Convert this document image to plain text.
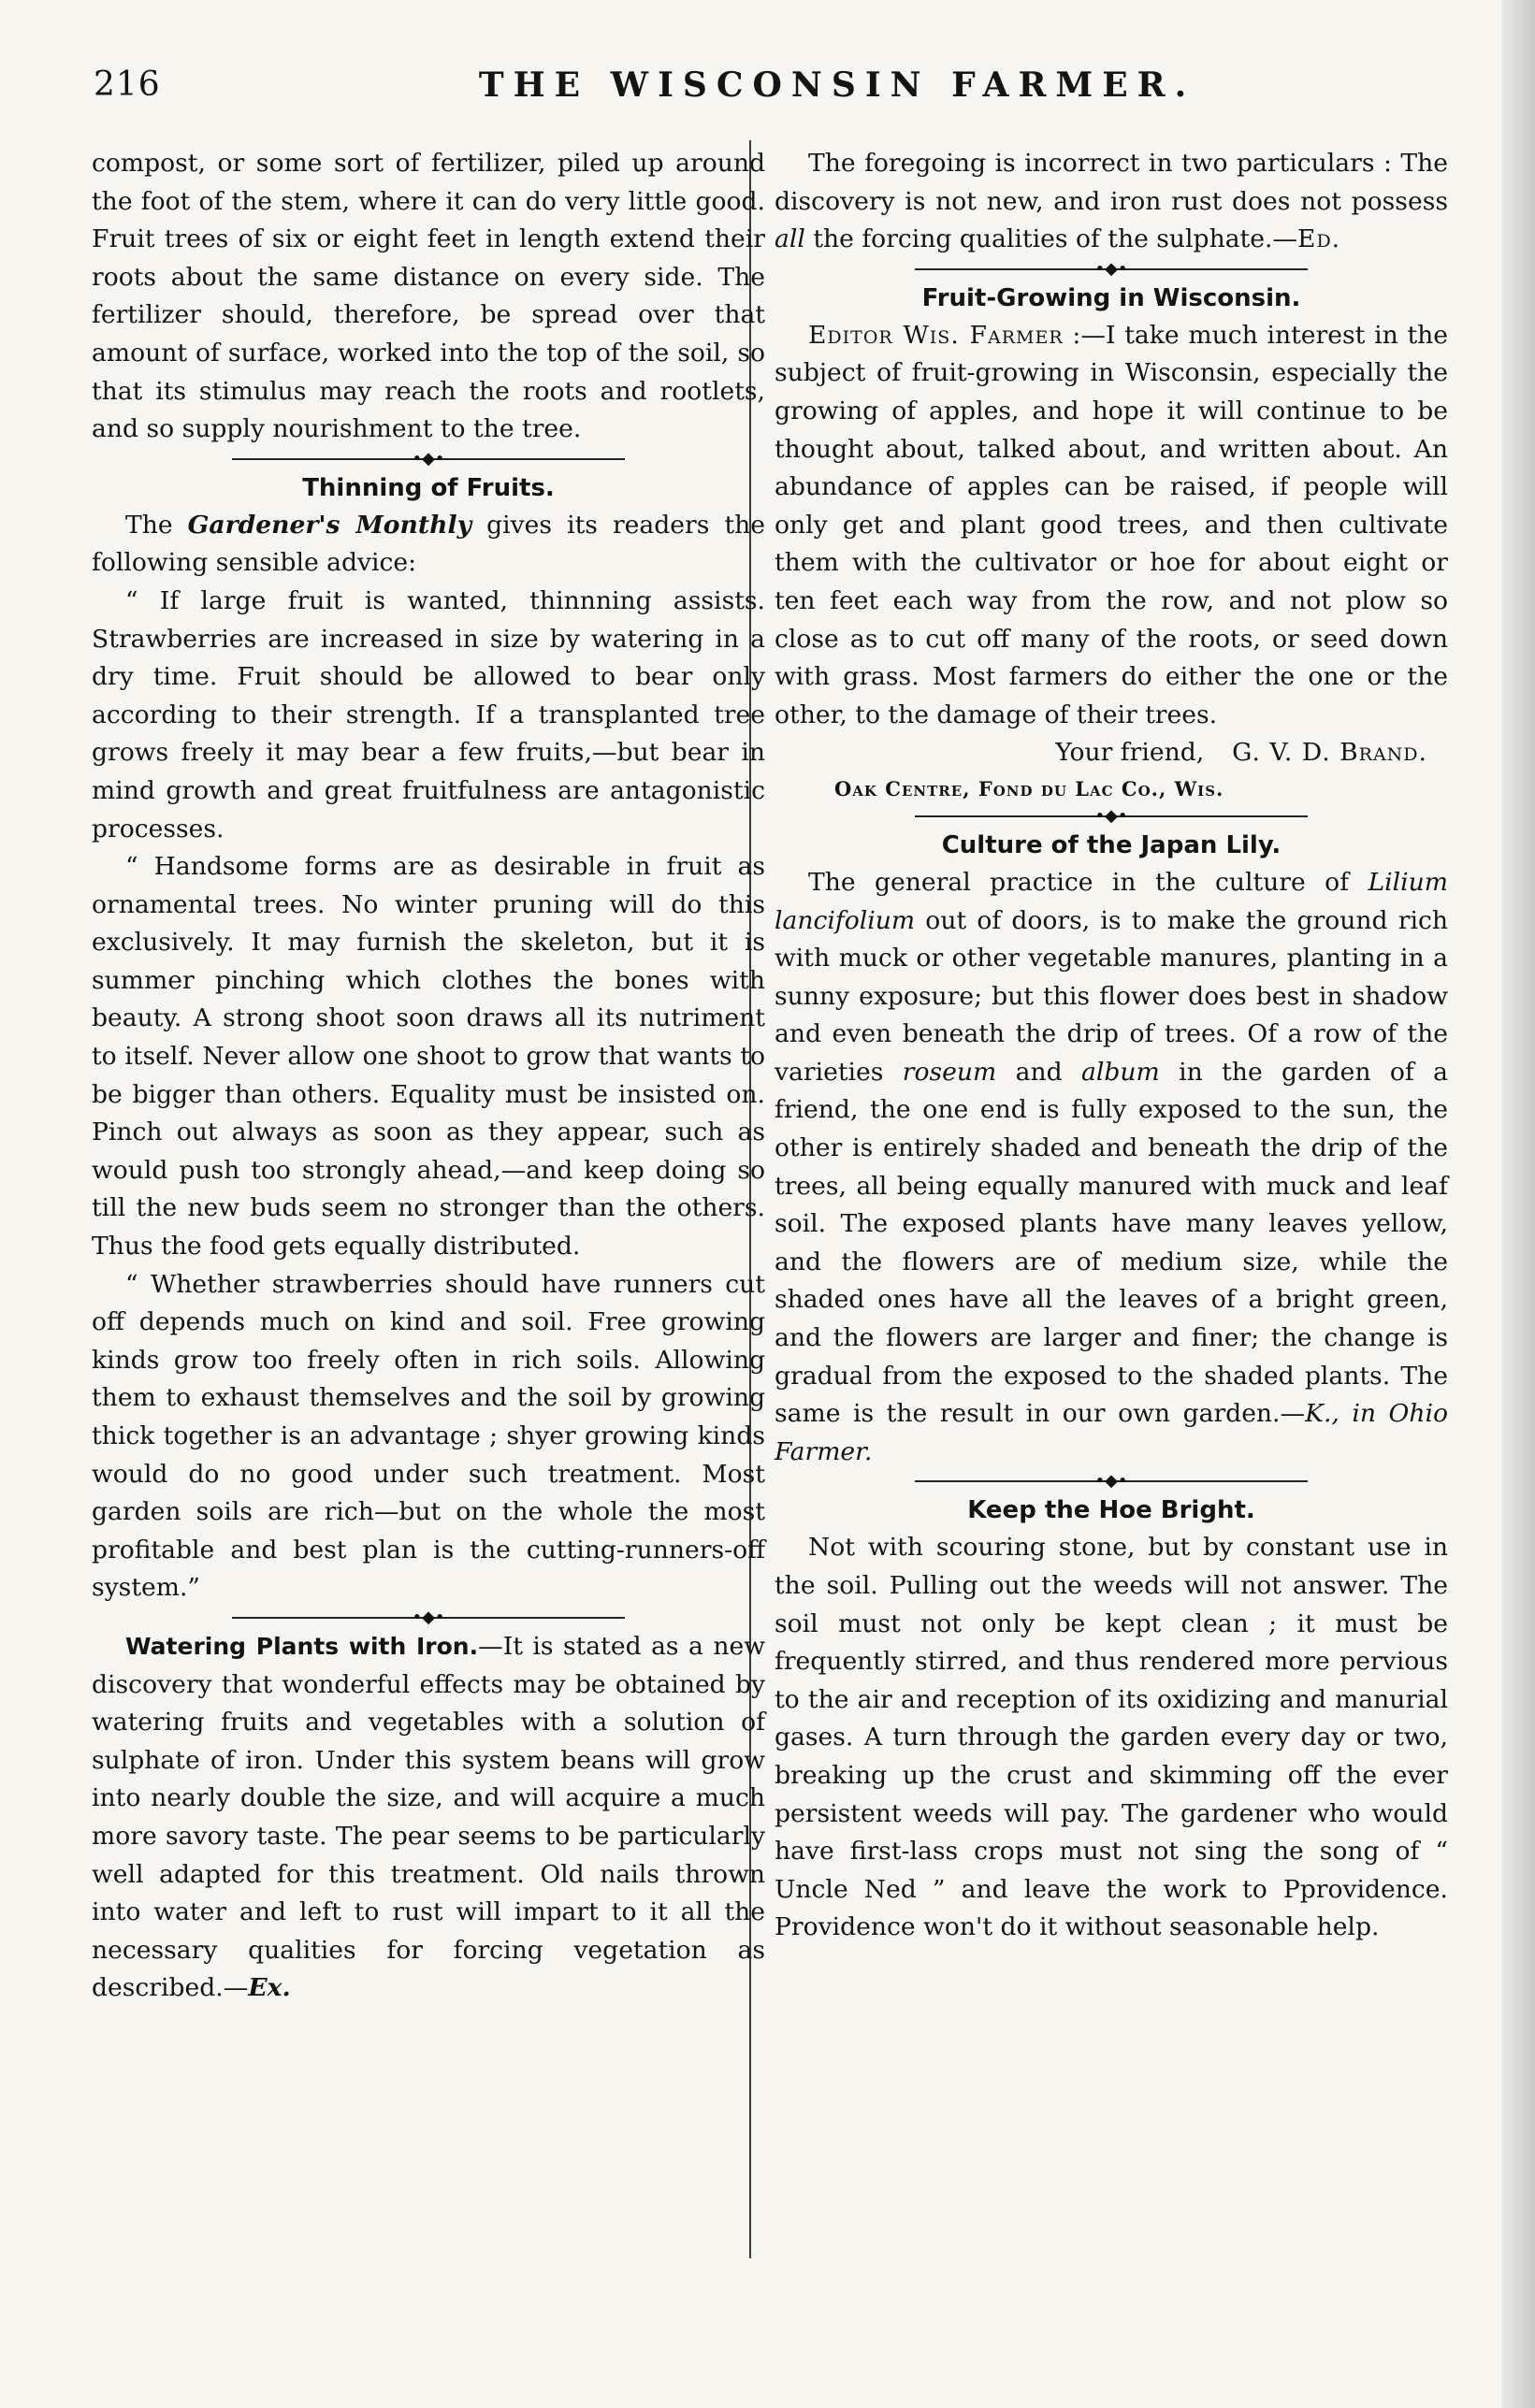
216	THE WISCONSIN FARMER.

compost, or some sort of fertilizer, piled up around the foot of the stem, where it can do very little good. Fruit trees of six or eight feet in length extend their roots about the same distance on every side. The fertilizer should, therefore, be spread over that amount of surface, worked into the top of the soil, so that its stimulus may reach the roots and rootlets, and so supply nourishment to the tree.

•◆•
Thinning of Fruits.

The Gardener's Monthly gives its readers the following sensible advice:

“ If large fruit is wanted, thinnning assists. Strawberries are increased in size by watering in a dry time. Fruit should be allowed to bear only according to their strength. If a transplanted tree grows freely it may bear a few fruits,—but bear in mind growth and great fruitfulness are antagonistic processes.

“ Handsome forms are as desirable in fruit as ornamental trees. No winter pruning will do this exclusively. It may furnish the skeleton, but it is summer pinching which clothes the bones with beauty. A strong shoot soon draws all its nutriment to itself. Never allow one shoot to grow that wants to be bigger than others. Equality must be insisted on. Pinch out always as soon as they appear, such as would push too strongly ahead,—and keep doing so till the new buds seem no stronger than the others. Thus the food gets equally distributed.

“ Whether strawberries should have runners cut off depends much on kind and soil. Free growing kinds grow too freely often in rich soils. Allowing them to exhaust themselves and the soil by growing thick together is an advantage ; shyer growing kinds would do no good under such treatment. Most garden soils are rich—but on the whole the most profitable and best plan is the cutting-runners-off system.”

•◆•

Watering Plants with Iron.—It is stated as a new discovery that wonderful effects may be obtained by watering fruits and vegetables with a solution of sulphate of iron. Under this system beans will grow into nearly double the size, and will acquire a much more savory taste. The pear seems to be particularly well adapted for this treatment. Old nails thrown into water and left to rust will impart to it all the necessary qualities for forcing vegetation as described.—Ex.

The foregoing is incorrect in two particulars : The discovery is not new, and iron rust does not possess all the forcing qualities of the sulphate.—Ed.

•◆•
Fruit-Growing in Wisconsin.

Editor Wis. Farmer :—I take much interest in the subject of fruit-growing in Wisconsin, especially the growing of apples, and hope it will continue to be thought about, talked about, and written about. An abundance of apples can be raised, if people will only get and plant good trees, and then cultivate them with the cultivator or hoe for about eight or ten feet each way from the row, and not plow so close as to cut off many of the roots, or seed down with grass. Most farmers do either the one or the other, to the damage of their trees.

Your friend, G. V. D. Brand.

Oak Centre, Fond du Lac Co., Wis.

•◆•
Culture of the Japan Lily.

The general practice in the culture of Lilium lancifolium out of doors, is to make the ground rich with muck or other vegetable manures, planting in a sunny exposure; but this flower does best in shadow and even beneath the drip of trees. Of a row of the varieties roseum and album in the garden of a friend, the one end is fully exposed to the sun, the other is entirely shaded and beneath the drip of the trees, all being equally manured with muck and leaf soil. The exposed plants have many leaves yellow, and the flowers are of medium size, while the shaded ones have all the leaves of a bright green, and the flowers are larger and finer; the change is gradual from the exposed to the shaded plants. The same is the result in our own garden.—K., in Ohio Farmer.

•◆•
Keep the Hoe Bright.

Not with scouring stone, but by constant use in the soil. Pulling out the weeds will not answer. The soil must not only be kept clean ; it must be frequently stirred, and thus rendered more pervious to the air and reception of its oxidizing and manurial gases. A turn through the garden every day or two, breaking up the crust and skimming off the ever persistent weeds will pay. The gardener who would have first-lass crops must not sing the song of “ Uncle Ned ” and leave the work to Pprovidence. Providence won't do it without seasonable help.
